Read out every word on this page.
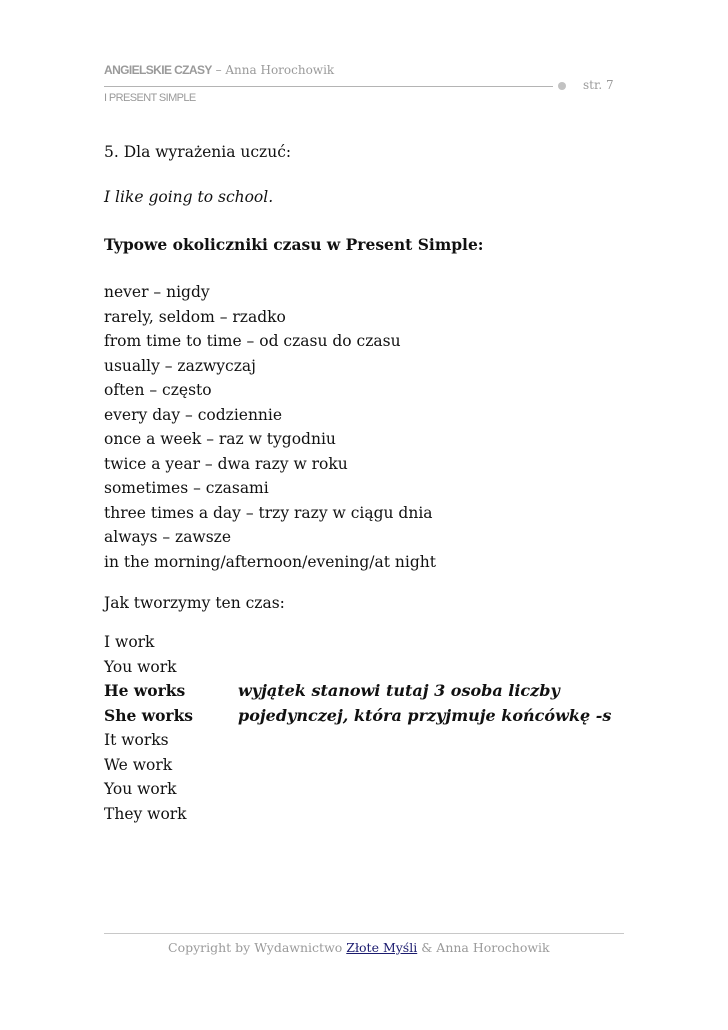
ANGIELSKIE CZASY – Anna Horochowik
str. 7
I PRESENT SIMPLE
5. Dla wyrażenia uczuć:
I like going to school.
Typowe okoliczniki czasu w Present Simple:
never – nigdy
rarely, seldom – rzadko
from time to time – od czasu do czasu
usually – zazwyczaj
often – często
every day – codziennie
once a week – raz w tygodniu
twice a year – dwa razy w roku
sometimes – czasami
three times a day – trzy razy w ciągu dnia
always – zawsze
in the morning/afternoon/evening/at night
Jak tworzymy ten czas:
I work
You work
He works
She works
It works
We work
You work
They work
wyjątek stanowi tutaj 3 osoba liczby
pojedynczej, która przyjmuje końcówkę -s
Copyright by Wydawnictwo Złote Myśli & Anna Horochowik
